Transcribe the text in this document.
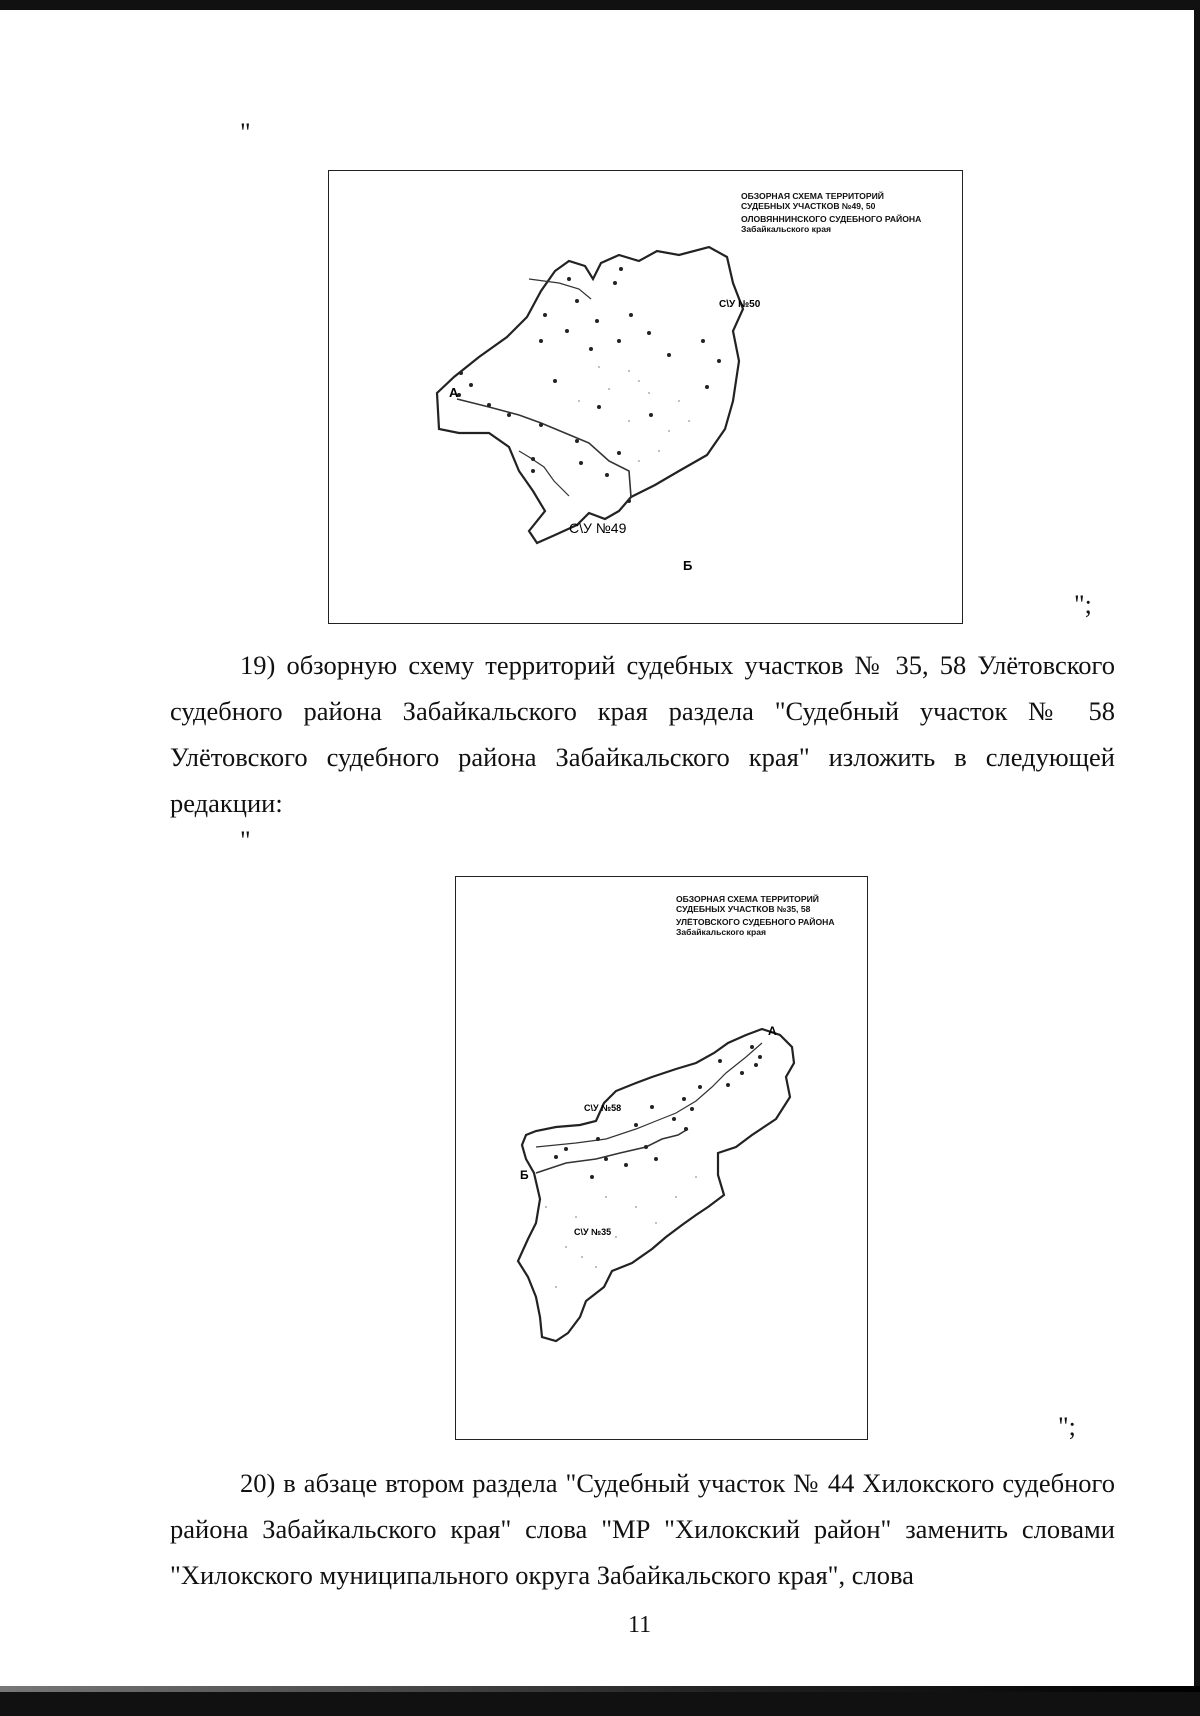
"
ОБЗОРНАЯ СХЕМА ТЕРРИТОРИЙ
СУДЕБНЫХ УЧАСТКОВ №49, 50
ОЛОВЯННИНСКОГО СУДЕБНОГО РАЙОНА
Забайкальского края
С\У №50
С\У №49
А
Б
";

19) обзорную схему территорий судебных участков № 35, 58 Улётовского судебного района Забайкальского края раздела "Судебный участок № 58 Улётовского судебного района Забайкальского края" изложить в следующей редакции:

"
ОБЗОРНАЯ СХЕМА ТЕРРИТОРИЙ
СУДЕБНЫХ УЧАСТКОВ №35, 58
УЛЁТОВСКОГО СУДЕБНОГО РАЙОНА
Забайкальского края
С\У №58
С\У №35
А
Б
";

20) в абзаце втором раздела "Судебный участок № 44 Хилокского судебного района Забайкальского края" слова "МР "Хилокский район" заменить словами "Хилокского муниципального округа Забайкальского края", слова

11
